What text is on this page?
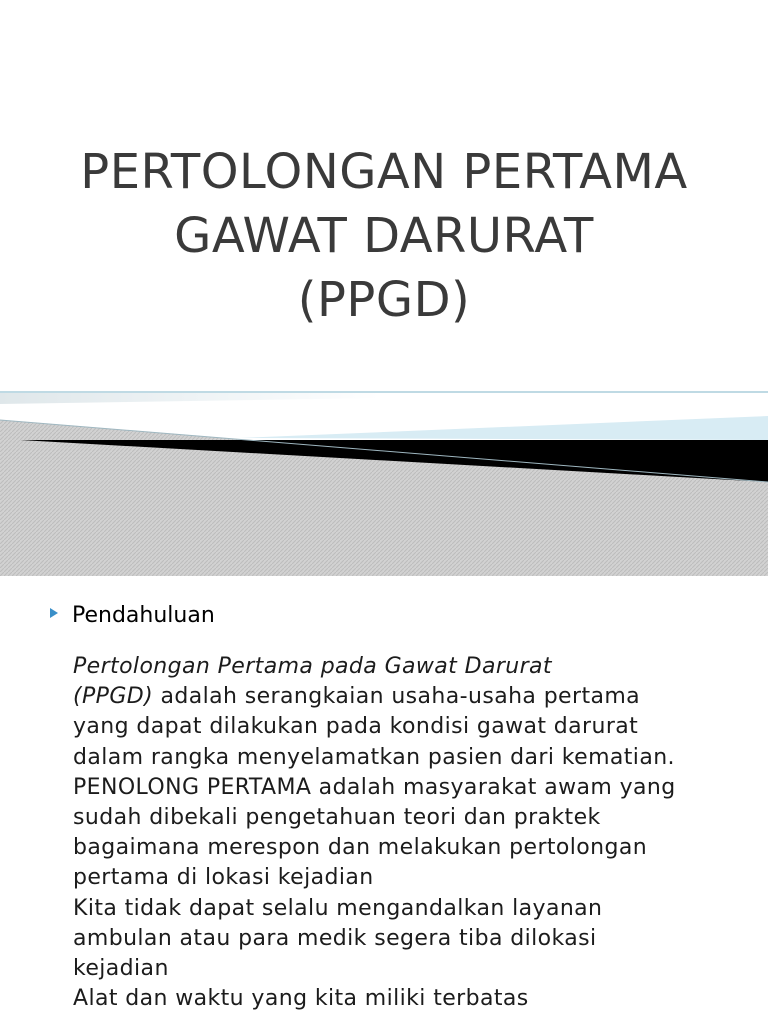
PERTOLONGAN PERTAMA
GAWAT DARURAT
(PPGD)
Pendahuluan
Pertolongan Pertama pada Gawat Darurat
(PPGD) adalah serangkaian usaha-usaha pertama
yang dapat dilakukan pada kondisi gawat darurat
dalam rangka menyelamatkan pasien dari kematian.
PENOLONG PERTAMA adalah masyarakat awam yang
sudah dibekali pengetahuan teori dan praktek
bagaimana merespon dan melakukan pertolongan
pertama di lokasi kejadian
Kita tidak dapat selalu mengandalkan layanan
ambulan atau para medik segera tiba dilokasi
kejadian
Alat dan waktu yang kita miliki terbatas
